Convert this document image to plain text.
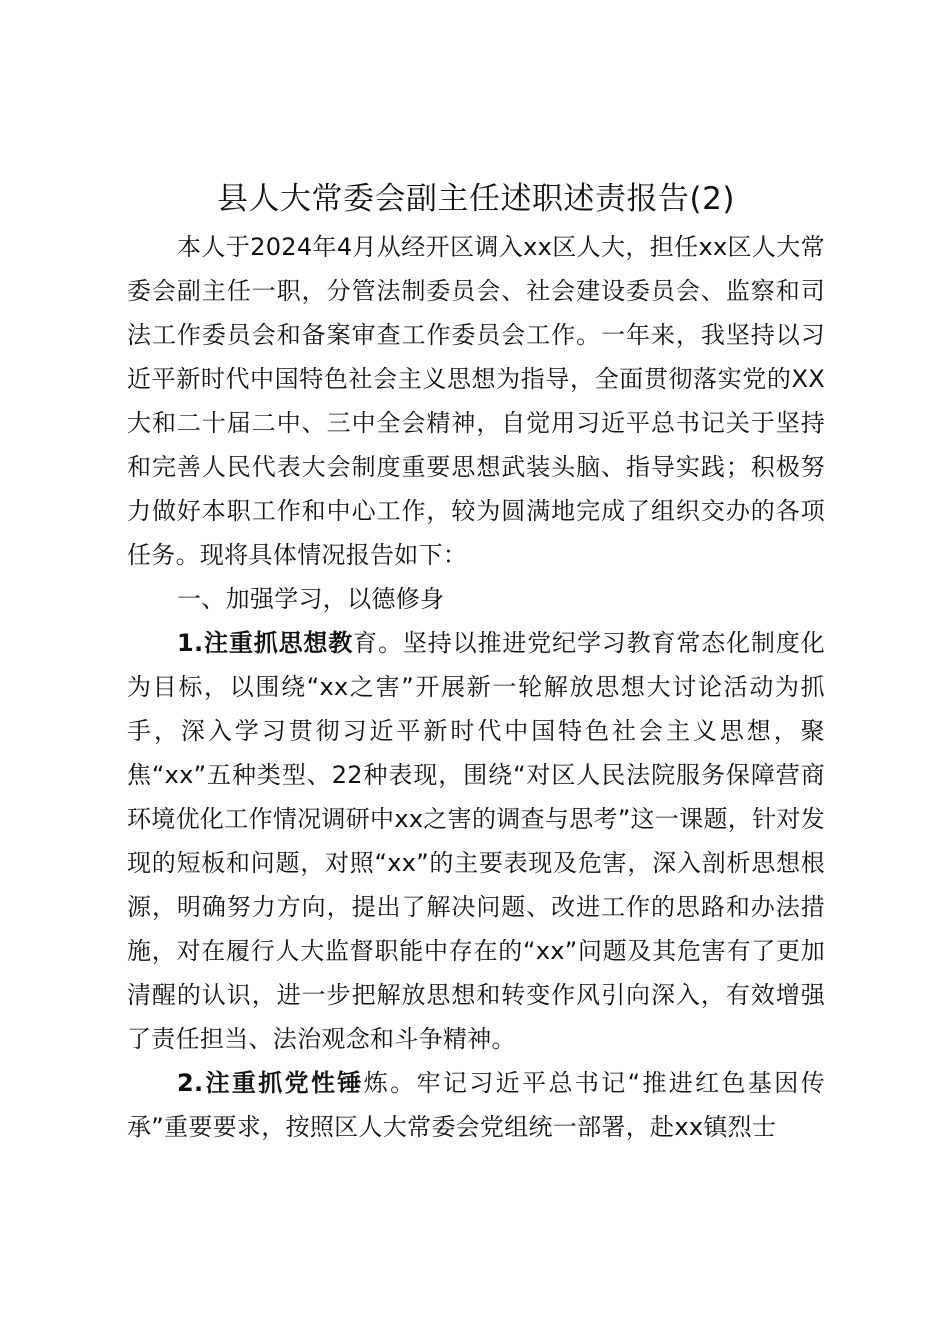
县人大常委会副主任述职述责报告(2)

本人于2024年4月从经开区调入xx区人大，担任xx区人大常委会副主任一职，分管法制委员会、社会建设委员会、监察和司法工作委员会和备案审查工作委员会工作。一年来，我坚持以习近平新时代中国特色社会主义思想为指导，全面贯彻落实党的XX大和二十届二中、三中全会精神，自觉用习近平总书记关于坚持和完善人民代表大会制度重要思想武装头脑、指导实践；积极努力做好本职工作和中心工作，较为圆满地完成了组织交办的各项任务。现将具体情况报告如下：

一、加强学习，以德修身

1.注重抓思想教育。坚持以推进党纪学习教育常态化制度化为目标，以围绕“xx之害”开展新一轮解放思想大讨论活动为抓手，深入学习贯彻习近平新时代中国特色社会主义思想，聚焦“xx”五种类型、22种表现，围绕“对区人民法院服务保障营商环境优化工作情况调研中xx之害的调查与思考”这一课题，针对发现的短板和问题，对照“xx”的主要表现及危害，深入剖析思想根源，明确努力方向，提出了解决问题、改进工作的思路和办法措施，对在履行人大监督职能中存在的“xx”问题及其危害有了更加清醒的认识，进一步把解放思想和转变作风引向深入，有效增强了责任担当、法治观念和斗争精神。

2.注重抓党性锤炼。牢记习近平总书记“推进红色基因传承”重要要求，按照区人大常委会党组统一部署，赴xx镇烈士
